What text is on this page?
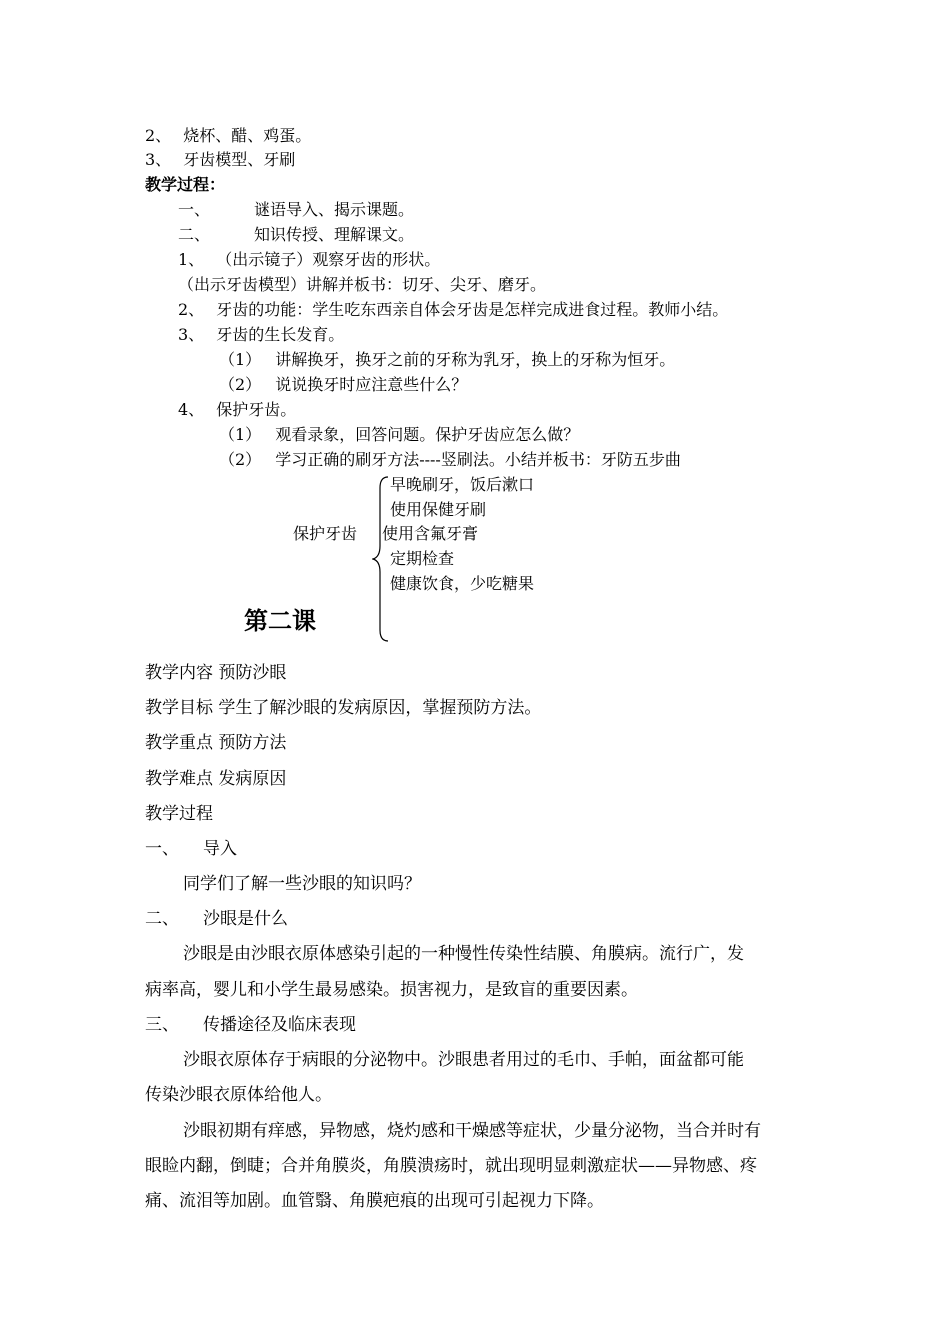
2、 烧杯、醋、鸡蛋。
3、 牙齿模型、牙刷
教学过程：
一、	谜语导入、揭示课题。
二、	知识传授、理解课文。
1、 （出示镜子）观察牙齿的形状。
（出示牙齿模型）讲解并板书：切牙、尖牙、磨牙。
2、 牙齿的功能：学生吃东西亲自体会牙齿是怎样完成进食过程。教师小结。
3、 牙齿的生长发育。
（1） 讲解换牙，换牙之前的牙称为乳牙，换上的牙称为恒牙。
（2） 说说换牙时应注意些什么？
4、 保护牙齿。
（1） 观看录象，回答问题。保护牙齿应怎么做？
（2） 学习正确的刷牙方法----竖刷法。小结并板书：牙防五步曲
保护牙齿
早晚刷牙，饭后漱口
使用保健牙刷
使用含氟牙膏
定期检查
健康饮食，少吃糖果
第二课
教学内容 预防沙眼
教学目标 学生了解沙眼的发病原因，掌握预防方法。
教学重点 预防方法
教学难点 发病原因
教学过程
一、 导入
同学们了解一些沙眼的知识吗？
二、 沙眼是什么
沙眼是由沙眼衣原体感染引起的一种慢性传染性结膜、角膜病。流行广，发
病率高，婴儿和小学生最易感染。损害视力，是致盲的重要因素。
三、 传播途径及临床表现
沙眼衣原体存于病眼的分泌物中。沙眼患者用过的毛巾、手帕，面盆都可能
传染沙眼衣原体给他人。
沙眼初期有痒感，异物感，烧灼感和干燥感等症状，少量分泌物，当合并时有
眼睑内翻，倒睫；合并角膜炎，角膜溃疡时，就出现明显刺激症状——异物感、疼
痛、流泪等加剧。血管翳、角膜疤痕的出现可引起视力下降。
